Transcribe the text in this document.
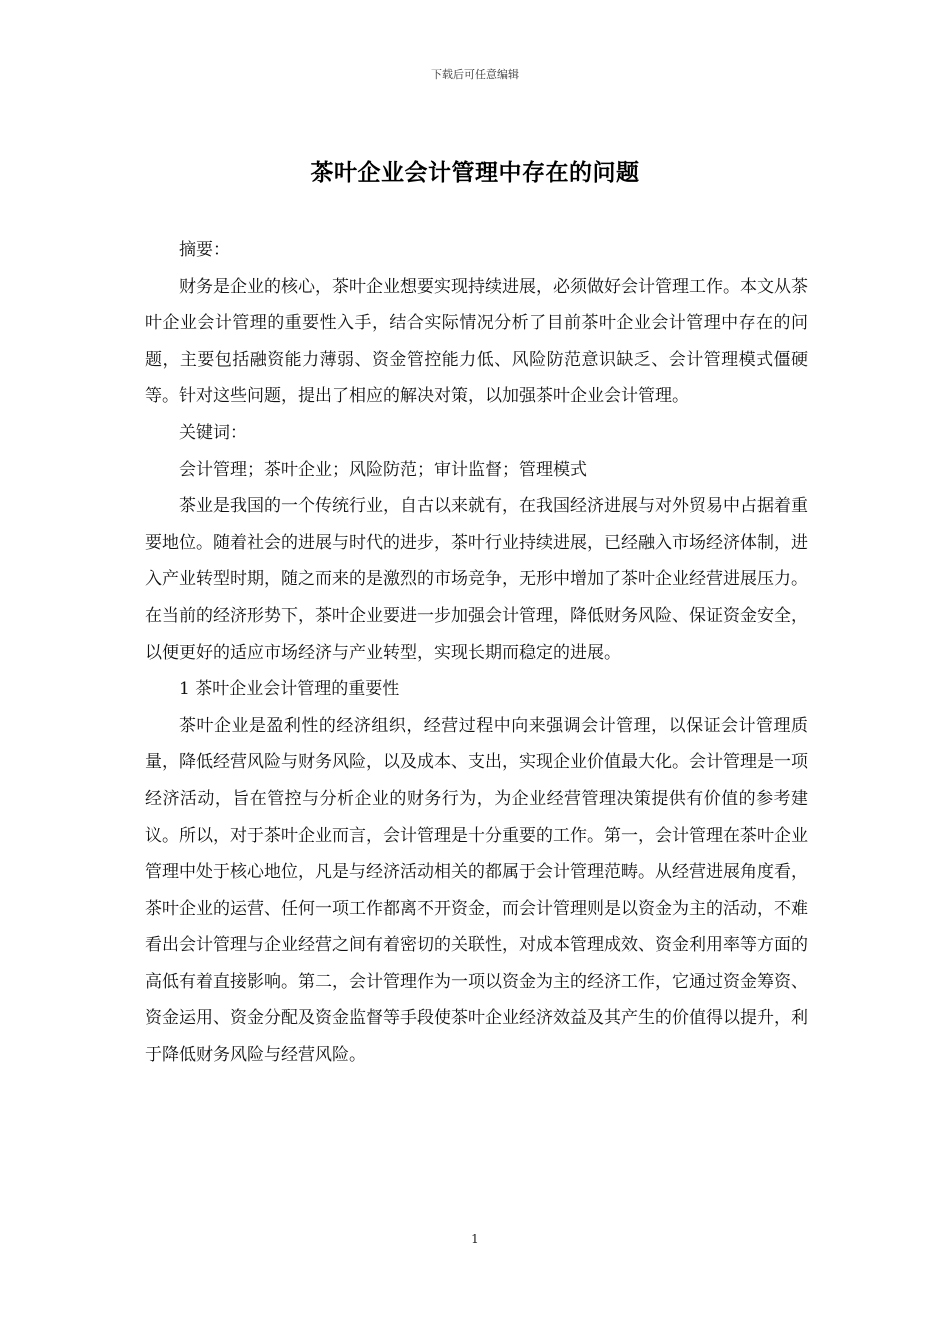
下载后可任意编辑
茶叶企业会计管理中存在的问题

摘要：

财务是企业的核心，茶叶企业想要实现持续进展，必须做好会计管理工作。本文从茶叶企业会计管理的重要性入手，结合实际情况分析了目前茶叶企业会计管理中存在的问题，主要包括融资能力薄弱、资金管控能力低、风险防范意识缺乏、会计管理模式僵硬等。针对这些问题，提出了相应的解决对策，以加强茶叶企业会计管理。

关键词：

会计管理；茶叶企业；风险防范；审计监督；管理模式

茶业是我国的一个传统行业，自古以来就有，在我国经济进展与对外贸易中占据着重要地位。随着社会的进展与时代的进步，茶叶行业持续进展，已经融入市场经济体制，进入产业转型时期，随之而来的是激烈的市场竞争，无形中增加了茶叶企业经营进展压力。在当前的经济形势下，茶叶企业要进一步加强会计管理，降低财务风险、保证资金安全，以便更好的适应市场经济与产业转型，实现长期而稳定的进展。

1 茶叶企业会计管理的重要性

茶叶企业是盈利性的经济组织，经营过程中向来强调会计管理，以保证会计管理质量，降低经营风险与财务风险，以及成本、支出，实现企业价值最大化。会计管理是一项经济活动，旨在管控与分析企业的财务行为，为企业经营管理决策提供有价值的参考建议。所以，对于茶叶企业而言，会计管理是十分重要的工作。第一，会计管理在茶叶企业管理中处于核心地位，凡是与经济活动相关的都属于会计管理范畴。从经营进展角度看，茶叶企业的运营、任何一项工作都离不开资金，而会计管理则是以资金为主的活动，不难看出会计管理与企业经营之间有着密切的关联性，对成本管理成效、资金利用率等方面的高低有着直接影响。第二，会计管理作为一项以资金为主的经济工作，它通过资金筹资、资金运用、资金分配及资金监督等手段使茶叶企业经济效益及其产生的价值得以提升，利于降低财务风险与经营风险。

1
